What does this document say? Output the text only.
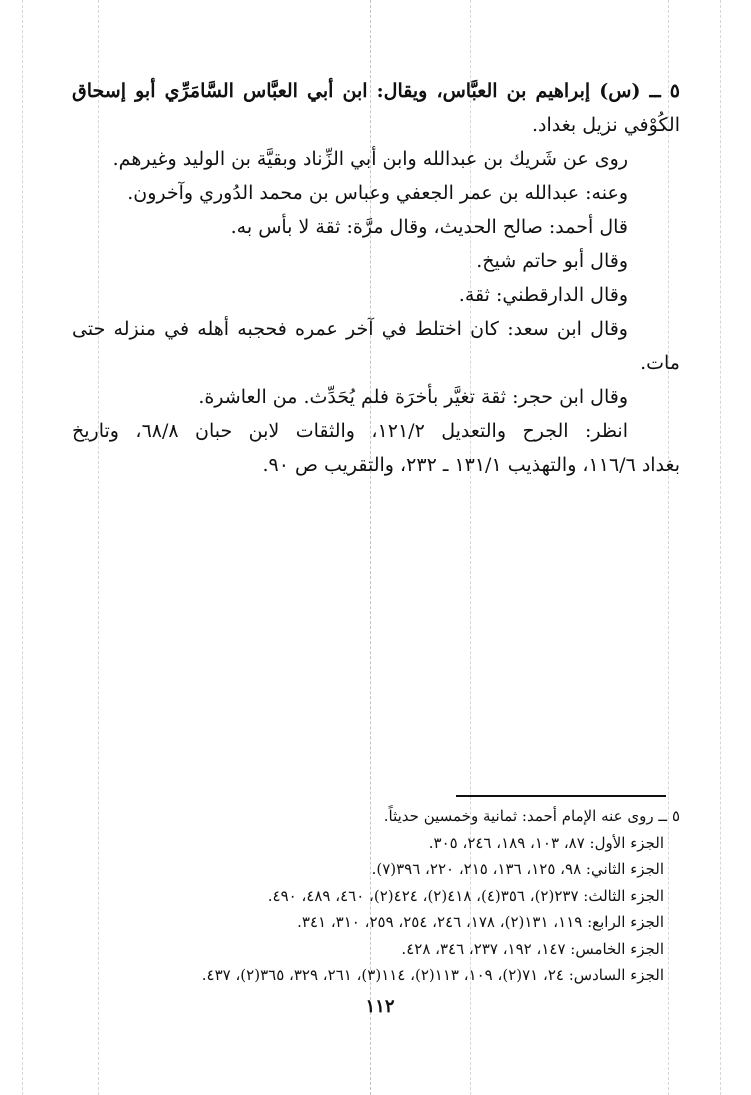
٥ ــ (س) إبراهيم بن العبَّاس، ويقال: ابن أبي العبَّاس السَّامَرِّي أبو إسحاق
الكُوْفي نزيل بغداد.
روى عن شَريك بن عبدالله وابن أبي الزِّناد وبقيَّة بن الوليد وغيرهم.
وعنه: عبدالله بن عمر الجعفي وعباس بن محمد الدُوري وآخرون.
قال أحمد: صالح الحديث، وقال مرَّة: ثقة لا بأس به.
وقال أبو حاتم شيخ.
وقال الدارقطني: ثقة.
وقال ابن سعد: كان اختلط في آخر عمره فحجبه أهله في منزله حتى
مات.
وقال ابن حجر: ثقة تغيَّر بأخرَة فلم يُحَدِّث. من العاشرة.
انظر: الجرح والتعديل ١٢١/٢، والثقات لابن حبان ٦٨/٨، وتاريخ
بغداد ١١٦/٦، والتهذيب ١٣١/١ ـ ٢٣٢، والتقريب ص ٩٠.
٥ ــ روى عنه الإمام أحمد: ثمانية وخمسين حديثاً.
الجزء الأول: ٨٧، ١٠٣، ١٨٩، ٢٤٦، ٣٠٥.
الجزء الثاني: ٩٨، ١٢٥، ١٣٦، ٢١٥، ٢٢٠، ٣٩٦(٧).
الجزء الثالث: ٢٣٧(٢)، ٣٥٦(٤)، ٤١٨(٢)، ٤٢٤(٢)، ٤٦٠، ٤٨٩، ٤٩٠.
الجزء الرابع: ١١٩، ١٣١(٢)، ١٧٨، ٢٤٦، ٢٥٤، ٢٥٩، ٣١٠، ٣٤١.
الجزء الخامس: ١٤٧، ١٩٢، ٢٣٧، ٣٤٦، ٤٢٨.
الجزء السادس: ٢٤، ٧١(٢)، ١٠٩، ١١٣(٢)، ١١٤(٣)، ٢٦١، ٣٢٩، ٣٦٥(٢)، ٤٣٧.
١١٢
